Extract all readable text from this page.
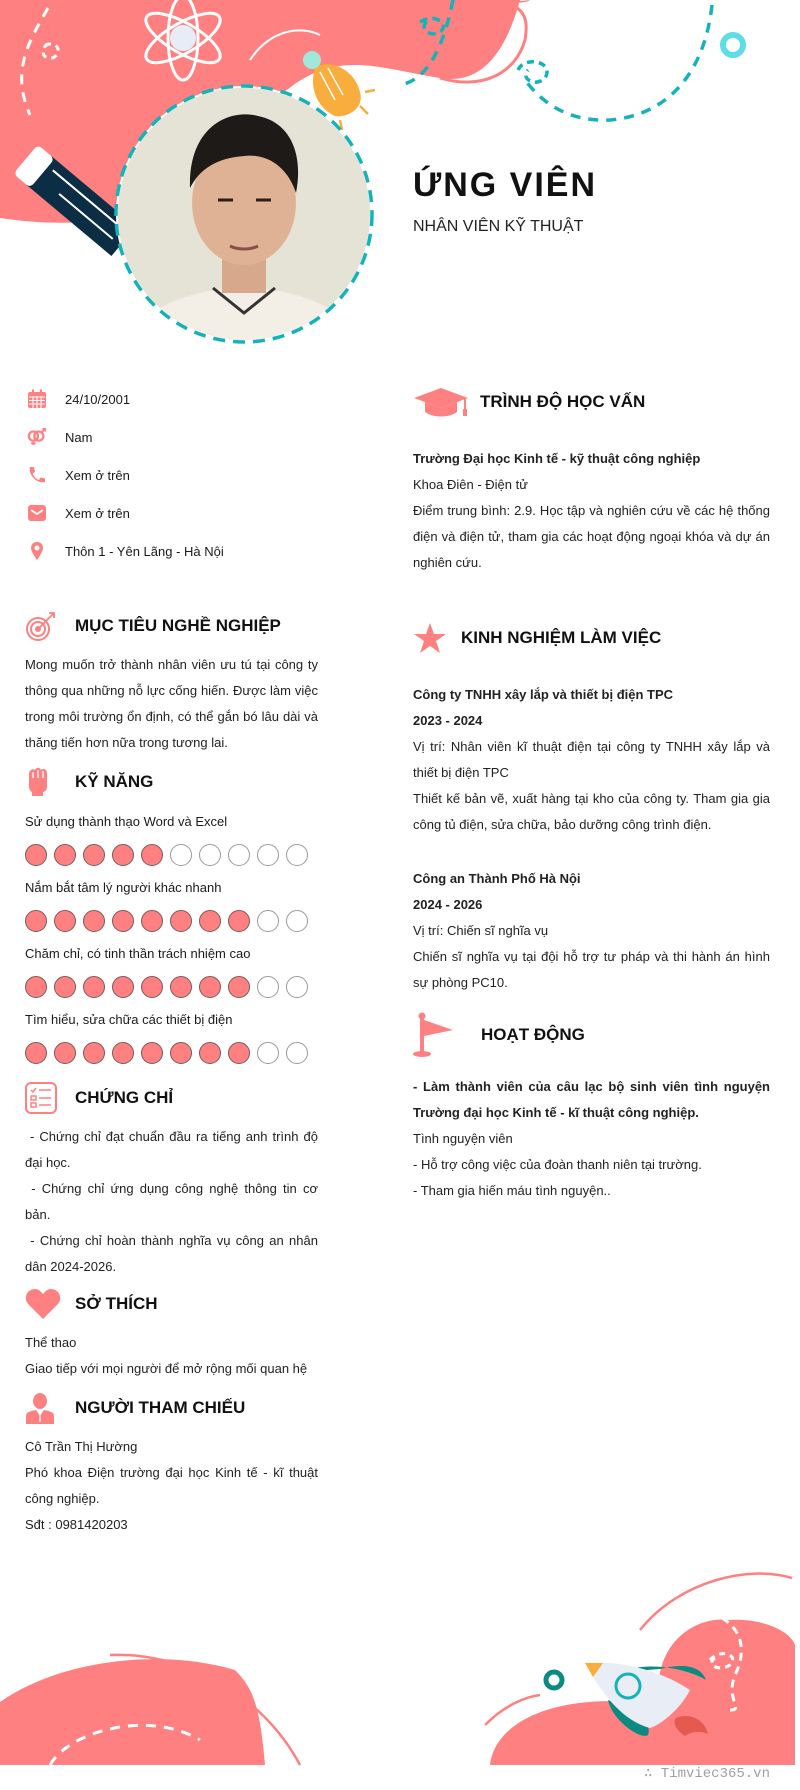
ỨNG VIÊN
NHÂN VIÊN KỸ THUẬT
24/10/2001
Nam
Xem ở trên
Xem ở trên
Thôn 1 - Yên Lãng - Hà Nội
MỤC TIÊU NGHỀ NGHIỆP

Mong muốn trở thành nhân viên ưu tú tại công ty thông qua những nỗ lực cống hiến. Được làm việc trong môi trường ổn định, có thể gắn bó lâu dài và thăng tiến hơn nữa trong tương lai.

KỸ NĂNG
Sử dụng thành thạo Word và Excel
Nắm bắt tâm lý người khác nhanh
Chăm chỉ, có tinh thần trách nhiệm cao
Tìm hiểu, sửa chữa các thiết bị điện
CHỨNG CHỈ

- Chứng chỉ đạt chuẩn đầu ra tiếng anh trình độ đại học.

- Chứng chỉ ứng dụng công nghệ thông tin cơ bản.

- Chứng chỉ hoàn thành nghĩa vụ công an nhân dân 2024-2026.

SỞ THÍCH

Thể thao

Giao tiếp với mọi người để mở rộng mối quan hệ

NGƯỜI THAM CHIẾU

Cô Trần Thị Hường

Phó khoa Điện trường đại học Kinh tế - kĩ thuật công nghiệp.

Sđt : 0981420203

TRÌNH ĐỘ HỌC VẤN

Trường Đại học Kinh tế - kỹ thuật công nghiệp

Khoa Điên - Điện tử

Điểm trung bình: 2.9. Học tập và nghiên cứu về các hệ thống điện và điện tử, tham gia các hoạt động ngoại khóa và dự án nghiên cứu.

KINH NGHIỆM LÀM VIỆC

Công ty TNHH xây lắp và thiết bị điện TPC

2023 - 2024

Vị trí: Nhân viên kĩ thuật điện tại công ty TNHH xây lắp và thiết bị điện TPC

Thiết kế bản vẽ, xuất hàng tại kho của công ty. Tham gia gia công tủ điện, sửa chữa, bảo dưỡng công trình điện.

Công an Thành Phố Hà Nội

2024 - 2026

Vị trí: Chiến sĩ nghĩa vụ

Chiến sĩ nghĩa vụ tại đội hỗ trợ tư pháp và thi hành án hình sự phòng PC10.

HOẠT ĐỘNG

- Làm thành viên của câu lạc bộ sinh viên tình nguyện Trường đại học Kinh tế - kĩ thuật công nghiệp.

Tình nguyện viên

- Hỗ trợ công việc của đoàn thanh niên tại trường.

- Tham gia hiến máu tình nguyện..

∴ Timviec365.vn
